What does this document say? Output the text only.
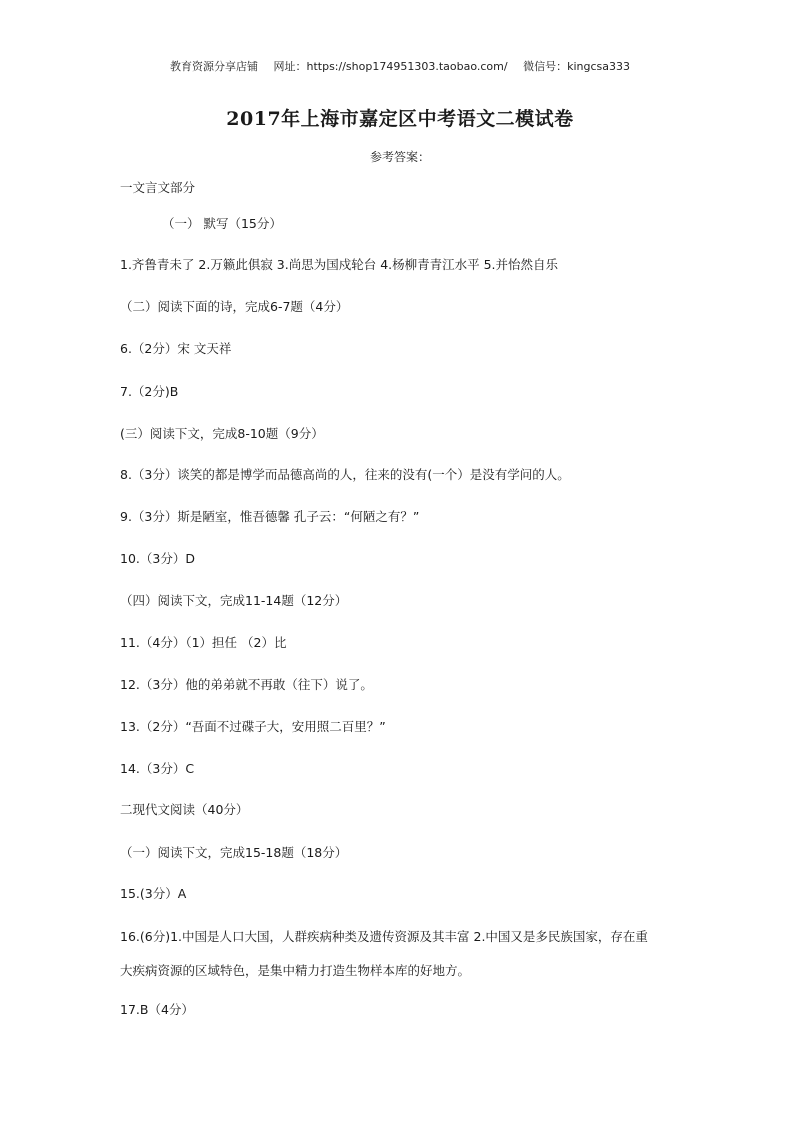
教育资源分享店铺 网址：https://shop174951303.taobao.com/ 微信号：kingcsa333
2017年上海市嘉定区中考语文二模试卷
参考答案：
一文言文部分
（一） 默写（15分）
1.齐鲁青未了 2.万籁此俱寂 3.尚思为国戍轮台 4.杨柳青青江水平 5.并怡然自乐
（二）阅读下面的诗，完成6-7题（4分）
6.（2分）宋 文天祥
7.（2分)B
(三）阅读下文，完成8-10题（9分）
8.（3分）谈笑的都是博学而品德高尚的人，往来的没有(一个）是没有学问的人。
9.（3分）斯是陋室，惟吾德馨 孔子云：“何陋之有？”
10.（3分）D
（四）阅读下文，完成11-14题（12分）
11.（4分）（1）担任 （2）比
12.（3分）他的弟弟就不再敢（往下）说了。
13.（2分）“吾面不过碟子大，安用照二百里？”
14.（3分）C
二现代文阅读（40分）
（一）阅读下文，完成15-18题（18分）
15.(3分）A
16.(6分)1.中国是人口大国，人群疾病种类及遗传资源及其丰富 2.中国又是多民族国家，存在重
大疾病资源的区域特色，是集中精力打造生物样本库的好地方。
17.B（4分）
